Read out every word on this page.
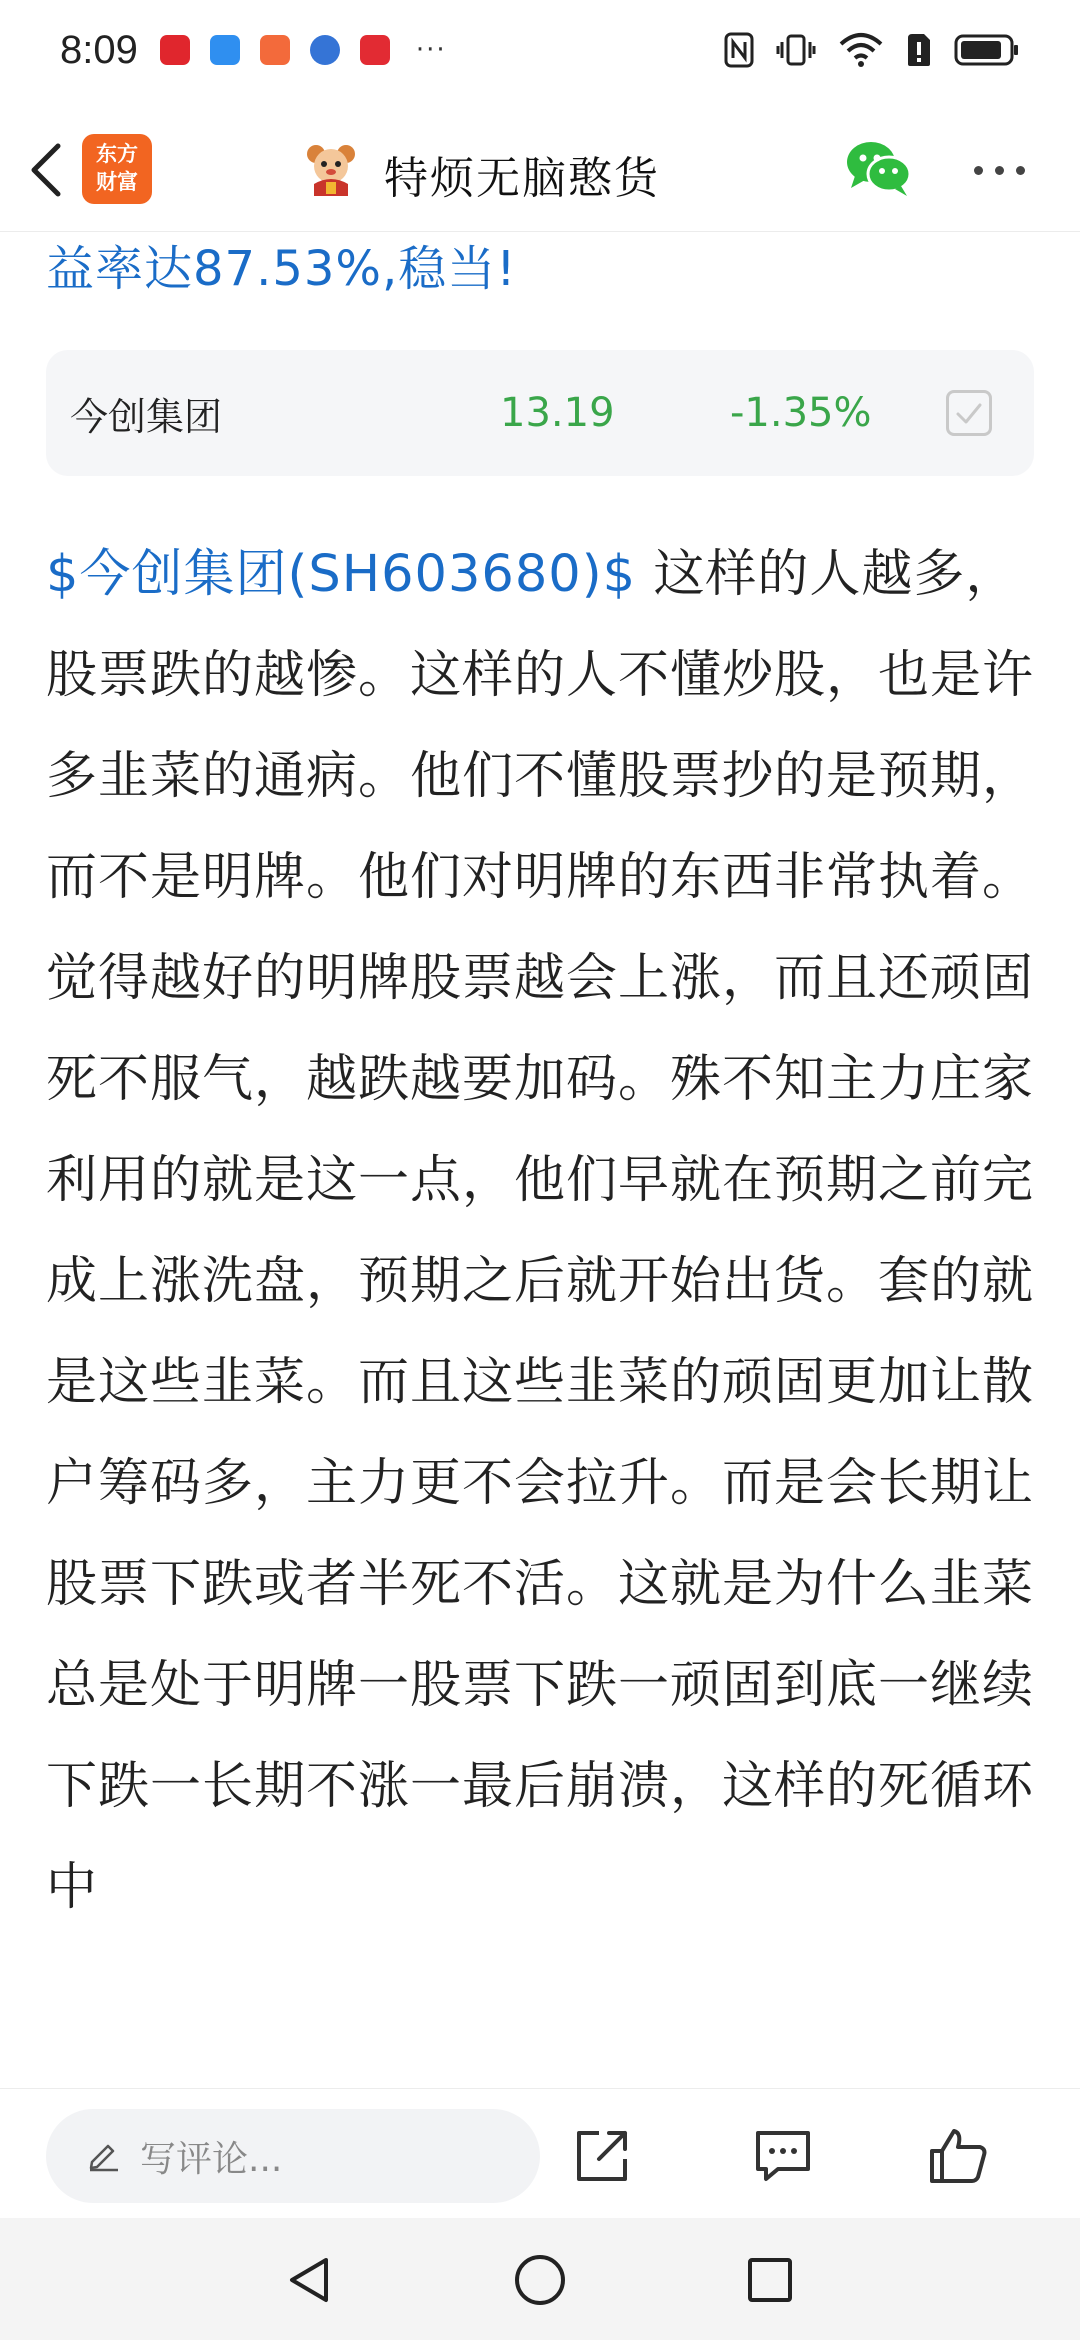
8:09	···
东方
财富	特烦无脑憨货
益率达87.53%,稳当!
今创集团	13.19	-1.35%
$今创集团(SH603680)$ 这样的人越多，股票跌的越惨。这样的人不懂炒股，也是许多韭菜的通病。他们不懂股票抄的是预期，而不是明牌。他们对明牌的东西非常执着。觉得越好的明牌股票越会上涨，而且还顽固死不服气，越跌越要加码。殊不知主力庄家利用的就是这一点，他们早就在预期之前完成上涨洗盘，预期之后就开始出货。套的就是这些韭菜。而且这些韭菜的顽固更加让散户筹码多，主力更不会拉升。而是会长期让股票下跌或者半死不活。这就是为什么韭菜总是处于明牌一股票下跌一顽固到底一继续下跌一长期不涨一最后崩溃，这样的死循环中
写评论...
